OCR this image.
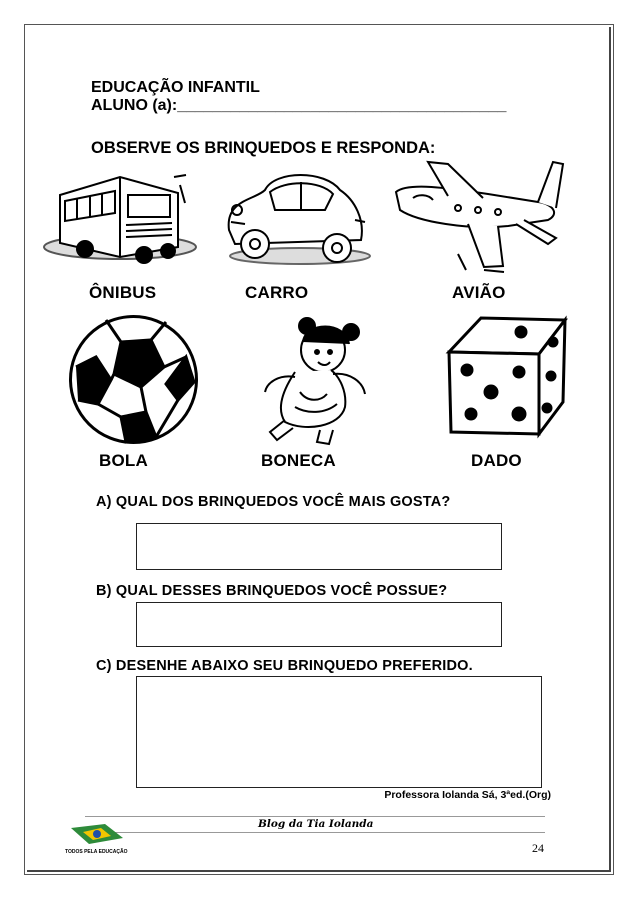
EDUCAÇÃO INFANTIL
ALUNO (a):_____________________________________
OBSERVE OS BRINQUEDOS E RESPONDA:
ÔNIBUS	CARRO	AVIÃO
BOLA	BONECA	DADO
A) QUAL DOS BRINQUEDOS VOCÊ MAIS GOSTA?
B) QUAL DESSES BRINQUEDOS VOCÊ POSSUE?
C) DESENHE ABAIXO SEU BRINQUEDO PREFERIDO.
Professora Iolanda Sá, 3ªed.(Org)
TODOS PELA EDUCAÇÃO
Blog da Tia Iolanda
24
